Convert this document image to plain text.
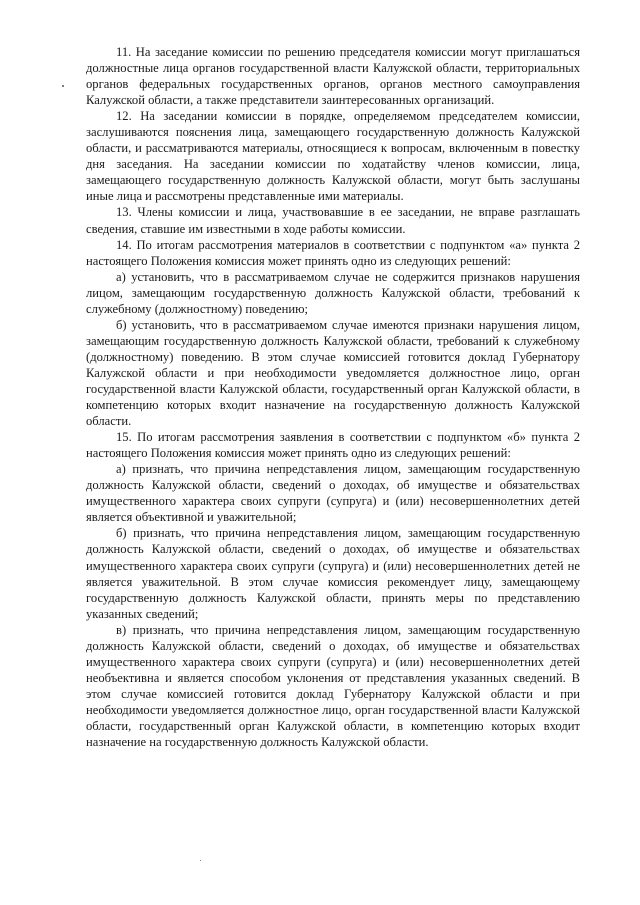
11. На заседание комиссии по решению председателя комиссии могут приглашаться должностные лица органов государственной власти Калужской области, территориальных органов федеральных государственных органов, органов местного самоуправления Калужской области, а также представители заинтересованных организаций.

12. На заседании комиссии в порядке, определяемом председателем комиссии, заслушиваются пояснения лица, замещающего государственную должность Калужской области, и рассматриваются материалы, относящиеся к вопросам, включенным в повестку дня заседания. На заседании комиссии по ходатайству членов комиссии, лица, замещающего государственную должность Калужской области, могут быть заслушаны иные лица и рассмотрены представленные ими материалы.

13. Члены комиссии и лица, участвовавшие в ее заседании, не вправе разглашать сведения, ставшие им известными в ходе работы комиссии.

14. По итогам рассмотрения материалов в соответствии с подпунктом «а» пункта 2 настоящего Положения комиссия может принять одно из следующих решений:

а) установить, что в рассматриваемом случае не содержится признаков нарушения лицом, замещающим государственную должность Калужской области, требований к служебному (должностному) поведению;

б) установить, что в рассматриваемом случае имеются признаки нарушения лицом, замещающим государственную должность Калужской области, требований к служебному (должностному) поведению. В этом случае комиссией готовится доклад Губернатору Калужской области и при необходимости уведомляется должностное лицо, орган государственной власти Калужской области, государственный орган Калужской области, в компетенцию которых входит назначение на государственную должность Калужской области.

15. По итогам рассмотрения заявления в соответствии с подпунктом «б» пункта 2 настоящего Положения комиссия может принять одно из следующих решений:

а) признать, что причина непредставления лицом, замещающим государственную должность Калужской области, сведений о доходах, об имуществе и обязательствах имущественного характера своих супруги (супруга) и (или) несовершеннолетних детей является объективной и уважительной;

б) признать, что причина непредставления лицом, замещающим государственную должность Калужской области, сведений о доходах, об имуществе и обязательствах имущественного характера своих супруги (супруга) и (или) несовершеннолетних детей не является уважительной. В этом случае комиссия рекомендует лицу, замещающему государственную должность Калужской области, принять меры по представлению указанных сведений;

в) признать, что причина непредставления лицом, замещающим государственную должность Калужской области, сведений о доходах, об имуществе и обязательствах имущественного характера своих супруги (супруга) и (или) несовершеннолетних детей необъективна и является способом уклонения от представления указанных сведений. В этом случае комиссией готовится доклад Губернатору Калужской области и при необходимости уведомляется должностное лицо, орган государственной власти Калужской области, государственный орган Калужской области, в компетенцию которых входит назначение на государственную должность Калужской области.
